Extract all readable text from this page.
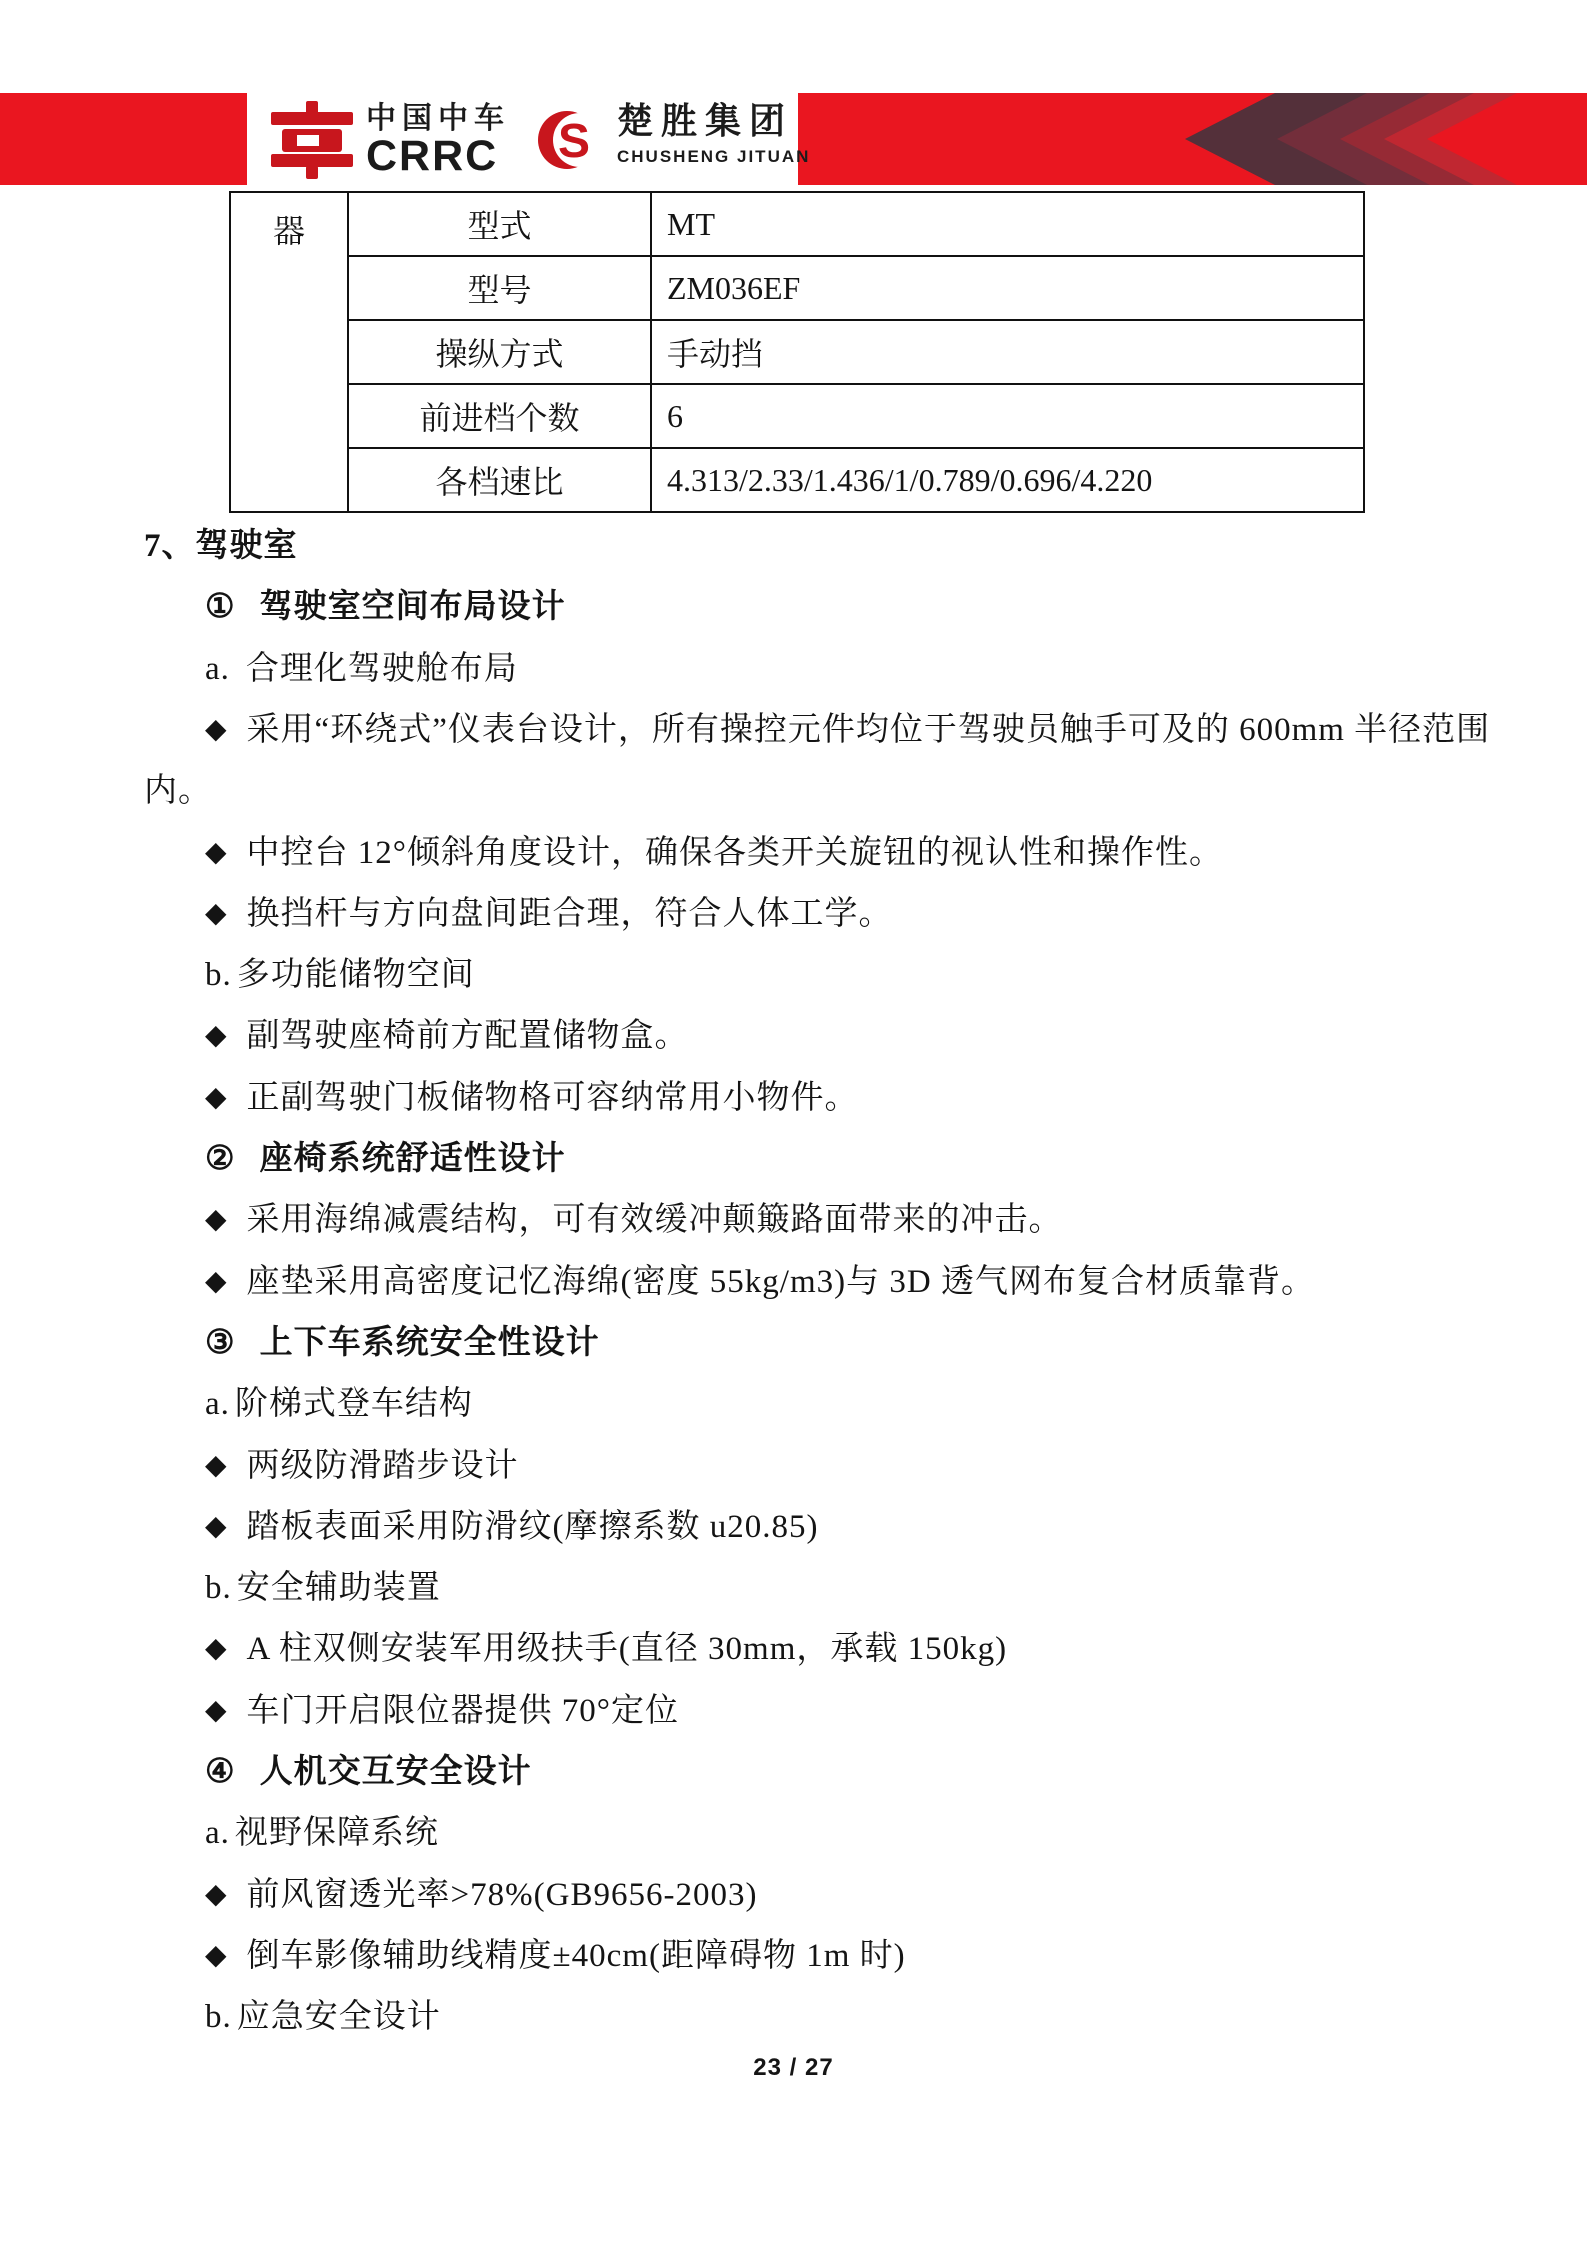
中国中车
CRRC S 楚胜集团
CHUSHENG JITUAN
器	型式	MT
	型号	ZM036EF
	操纵方式	手动挡
	前进档个数	6
	各档速比	4.313/2.33/1.436/1/0.789/0.696/4.220
7、驾驶室
① 驾驶室空间布局设计
a. 合理化驾驶舱布局
◆ 采用“环绕式”仪表台设计，所有操控元件均位于驾驶员触手可及的 600mm 半径范围
内。
◆ 中控台 12°倾斜角度设计，确保各类开关旋钮的视认性和操作性。
◆ 换挡杆与方向盘间距合理，符合人体工学。
b. 多功能储物空间
◆ 副驾驶座椅前方配置储物盒。
◆ 正副驾驶门板储物格可容纳常用小物件。
② 座椅系统舒适性设计
◆ 采用海绵减震结构，可有效缓冲颠簸路面带来的冲击。
◆ 座垫采用高密度记忆海绵(密度 55kg/m3)与 3D 透气网布复合材质靠背。
③ 上下车系统安全性设计
a. 阶梯式登车结构
◆ 两级防滑踏步设计
◆ 踏板表面采用防滑纹(摩擦系数 u20.85)
b. 安全辅助装置
◆ A 柱双侧安装军用级扶手(直径 30mm，承载 150kg)
◆ 车门开启限位器提供 70°定位
④ 人机交互安全设计
a. 视野保障系统
◆ 前风窗透光率>78%(GB9656-2003)
◆ 倒车影像辅助线精度±40cm(距障碍物 1m 时)
b. 应急安全设计
23 / 27
